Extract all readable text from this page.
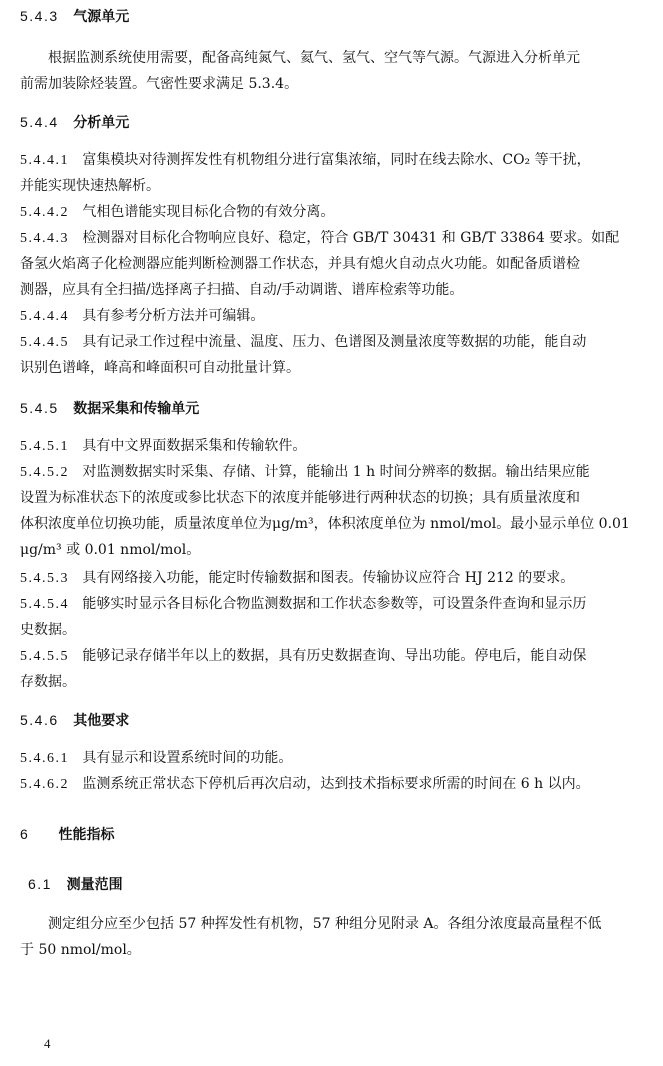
5.4.3 气源单元
根据监测系统使用需要，配备高纯氮气、氦气、氢气、空气等气源。气源进入分析单元
前需加装除烃装置。气密性要求满足 5.3.4。
5.4.4 分析单元
5.4.4.1 富集模块对待测挥发性有机物组分进行富集浓缩，同时在线去除水、CO₂ 等干扰，
并能实现快速热解析。
5.4.4.2 气相色谱能实现目标化合物的有效分离。
5.4.4.3 检测器对目标化合物响应良好、稳定，符合 GB/T 30431 和 GB/T 33864 要求。如配
备氢火焰离子化检测器应能判断检测器工作状态，并具有熄火自动点火功能。如配备质谱检
测器，应具有全扫描/选择离子扫描、自动/手动调谐、谱库检索等功能。
5.4.4.4 具有参考分析方法并可编辑。
5.4.4.5 具有记录工作过程中流量、温度、压力、色谱图及测量浓度等数据的功能，能自动
识别色谱峰，峰高和峰面积可自动批量计算。
5.4.5 数据采集和传输单元
5.4.5.1 具有中文界面数据采集和传输软件。
5.4.5.2 对监测数据实时采集、存储、计算，能输出 1 h 时间分辨率的数据。输出结果应能
设置为标准状态下的浓度或参比状态下的浓度并能够进行两种状态的切换；具有质量浓度和
体积浓度单位切换功能，质量浓度单位为μg/m³，体积浓度单位为 nmol/mol。最小显示单位 0.01
μg/m³ 或 0.01 nmol/mol。
5.4.5.3 具有网络接入功能，能定时传输数据和图表。传输协议应符合 HJ 212 的要求。
5.4.5.4 能够实时显示各目标化合物监测数据和工作状态参数等，可设置条件查询和显示历
史数据。
5.4.5.5 能够记录存储半年以上的数据，具有历史数据查询、导出功能。停电后，能自动保
存数据。
5.4.6 其他要求
5.4.6.1 具有显示和设置系统时间的功能。
5.4.6.2 监测系统正常状态下停机后再次启动，达到技术指标要求所需的时间在 6 h 以内。
6 性能指标
6.1 测量范围
测定组分应至少包括 57 种挥发性有机物，57 种组分见附录 A。各组分浓度最高量程不低
于 50 nmol/mol。
4
